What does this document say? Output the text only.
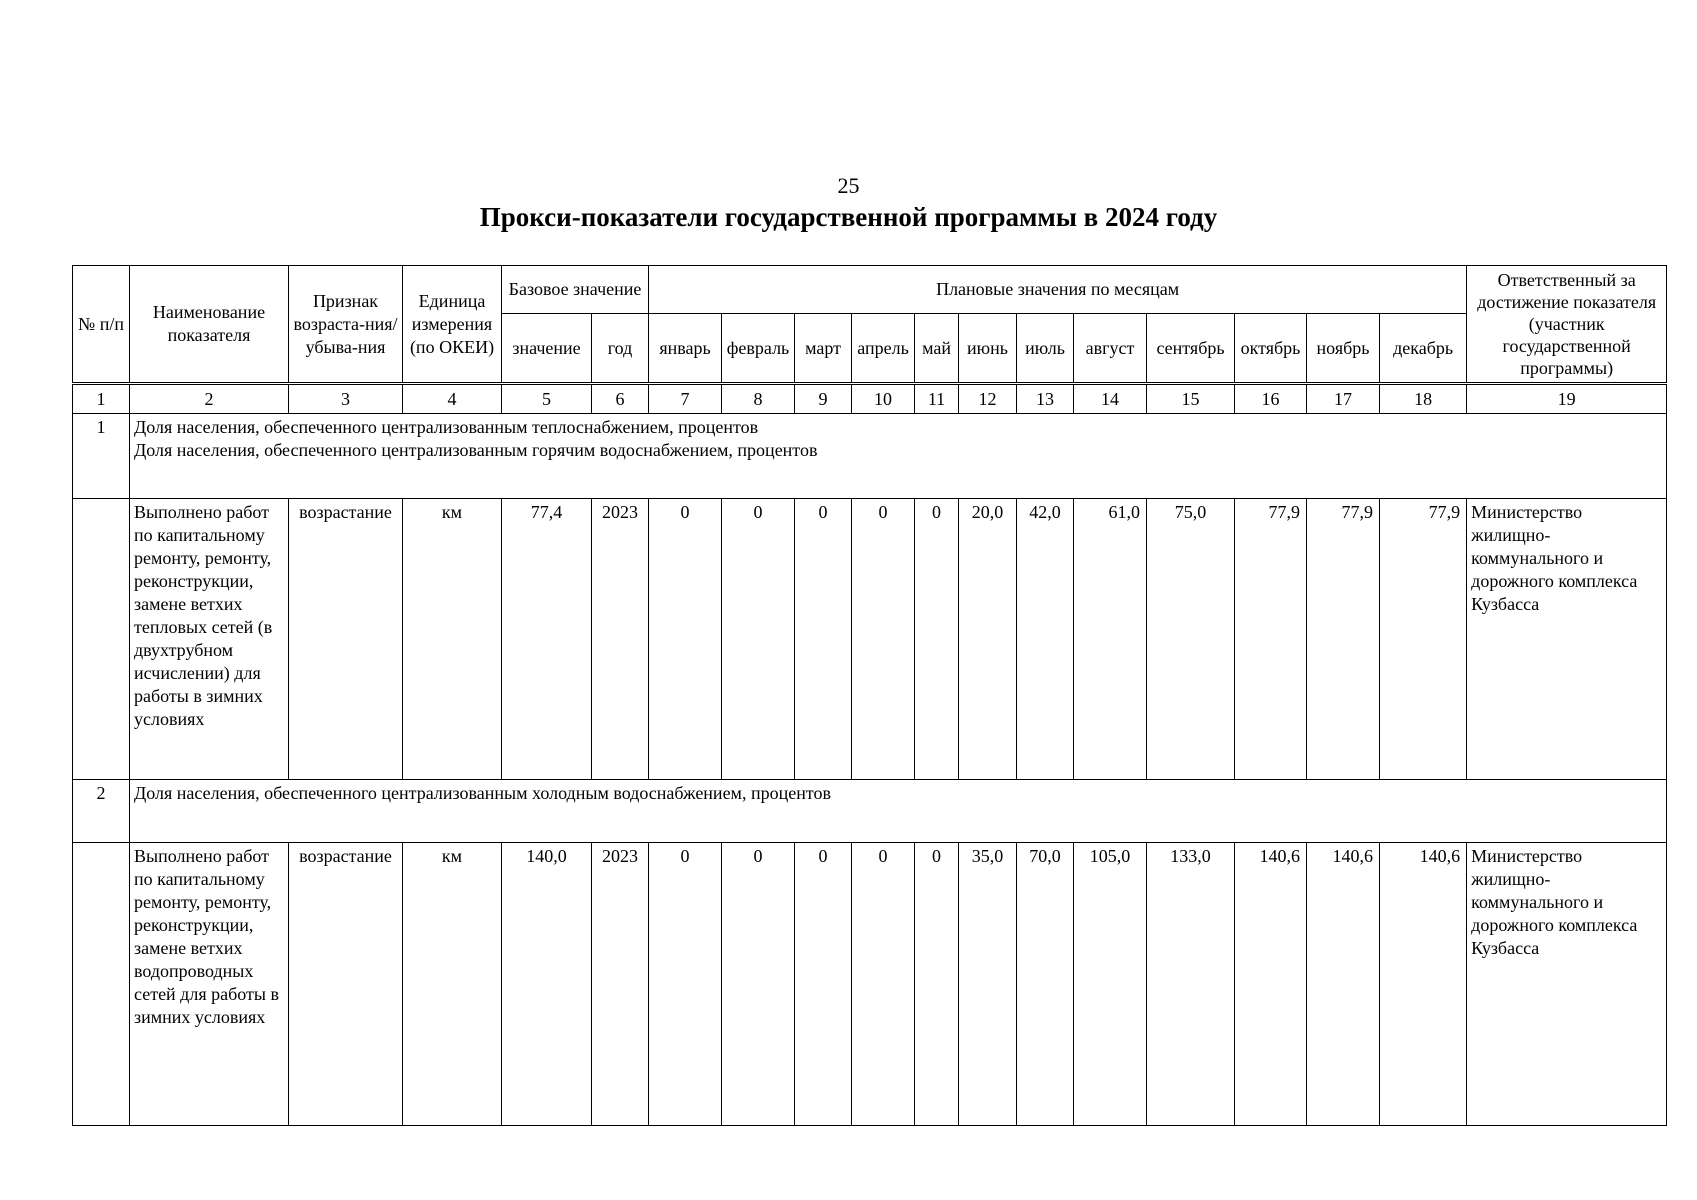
25
Прокси-показатели государственной программы в 2024 году
№ п/п	Наименование показателя	Признак возраста-ния/убыва-ния	Единица измерения (по ОКЕИ)	Базовое значение		Плановые значения по месяцам												Ответственный за достижение показателя (участник государственной программы)
				значение	год	январь	февраль	март	апрель	май	июнь	июль	август	сентябрь	октябрь	ноябрь	декабрь	
1	2	3	4	5	6	7	8	9	10	11	12	13	14	15	16	17	18	19
1	Доля населения, обеспеченного централизованным теплоснабжением, процентов
Доля населения, обеспеченного централизованным горячим водоснабжением, процентов																	

	Выполнено работ по капитальному ремонту, ремонту, реконструкции, замене ветхих тепловых сетей (в двухтрубном исчислении) для работы в зимних условиях	возрастание	км	77,4	2023	0	0	0	0	0	20,0	42,0	61,0	75,0	77,9	77,9	77,9	Министерство жилищно-коммунального и дорожного комплекса Кузбасса
2	Доля населения, обеспеченного централизованным холодным водоснабжением, процентов																	

	Выполнено работ по капитальному ремонту, ремонту, реконструкции, замене ветхих водопроводных сетей для работы в зимних условиях	возрастание	км	140,0	2023	0	0	0	0	0	35,0	70,0	105,0	133,0	140,6	140,6	140,6	Министерство жилищно-коммунального и дорожного комплекса Кузбасса
